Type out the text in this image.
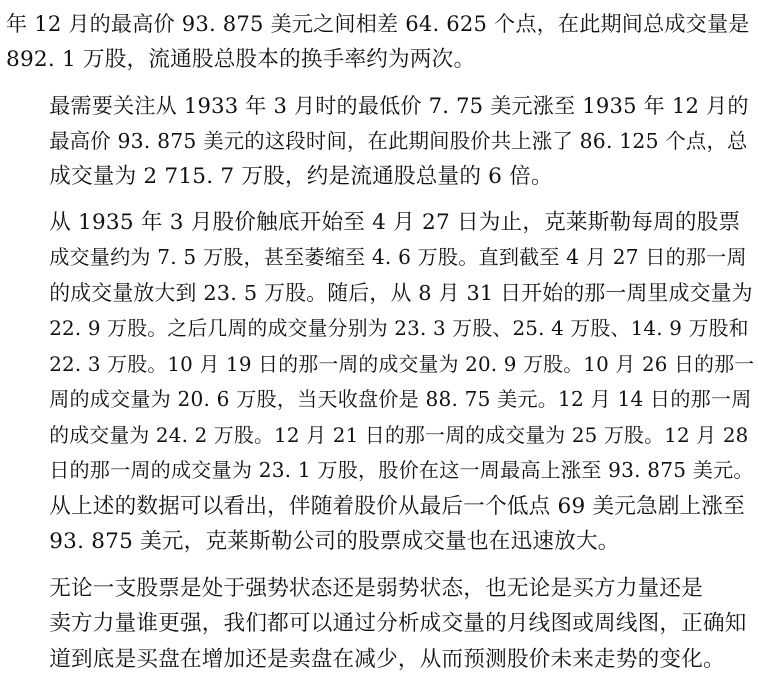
年 12 月的最高价 93. 875 美元之间相差 64. 625 个点，在此期间总成交量是
892. 1 万股，流通股总股本的换手率约为两次。

最需要关注从 1933 年 3 月时的最低价 7. 75 美元涨至 1935 年 12 月的
最高价 93. 875 美元的这段时间，在此期间股价共上涨了 86. 125 个点，总
成交量为 2 715. 7 万股，约是流通股总量的 6 倍。

从 1935 年 3 月股价触底开始至 4 月 27 日为止，克莱斯勒每周的股票
成交量约为 7. 5 万股，甚至萎缩至 4. 6 万股。直到截至 4 月 27 日的那一周
的成交量放大到 23. 5 万股。随后，从 8 月 31 日开始的那一周里成交量为
22. 9 万股。之后几周的成交量分别为 23. 3 万股、25. 4 万股、14. 9 万股和
22. 3 万股。10 月 19 日的那一周的成交量为 20. 9 万股。10 月 26 日的那一
周的成交量为 20. 6 万股，当天收盘价是 88. 75 美元。12 月 14 日的那一周
的成交量为 24. 2 万股。12 月 21 日的那一周的成交量为 25 万股。12 月 28
日的那一周的成交量为 23. 1 万股，股价在这一周最高上涨至 93. 875 美元。
从上述的数据可以看出，伴随着股价从最后一个低点 69 美元急剧上涨至
93. 875 美元，克莱斯勒公司的股票成交量也在迅速放大。

无论一支股票是处于强势状态还是弱势状态，也无论是买方力量还是
卖方力量谁更强，我们都可以通过分析成交量的月线图或周线图，正确知
道到底是买盘在增加还是卖盘在减少，从而预测股价未来走势的变化。
